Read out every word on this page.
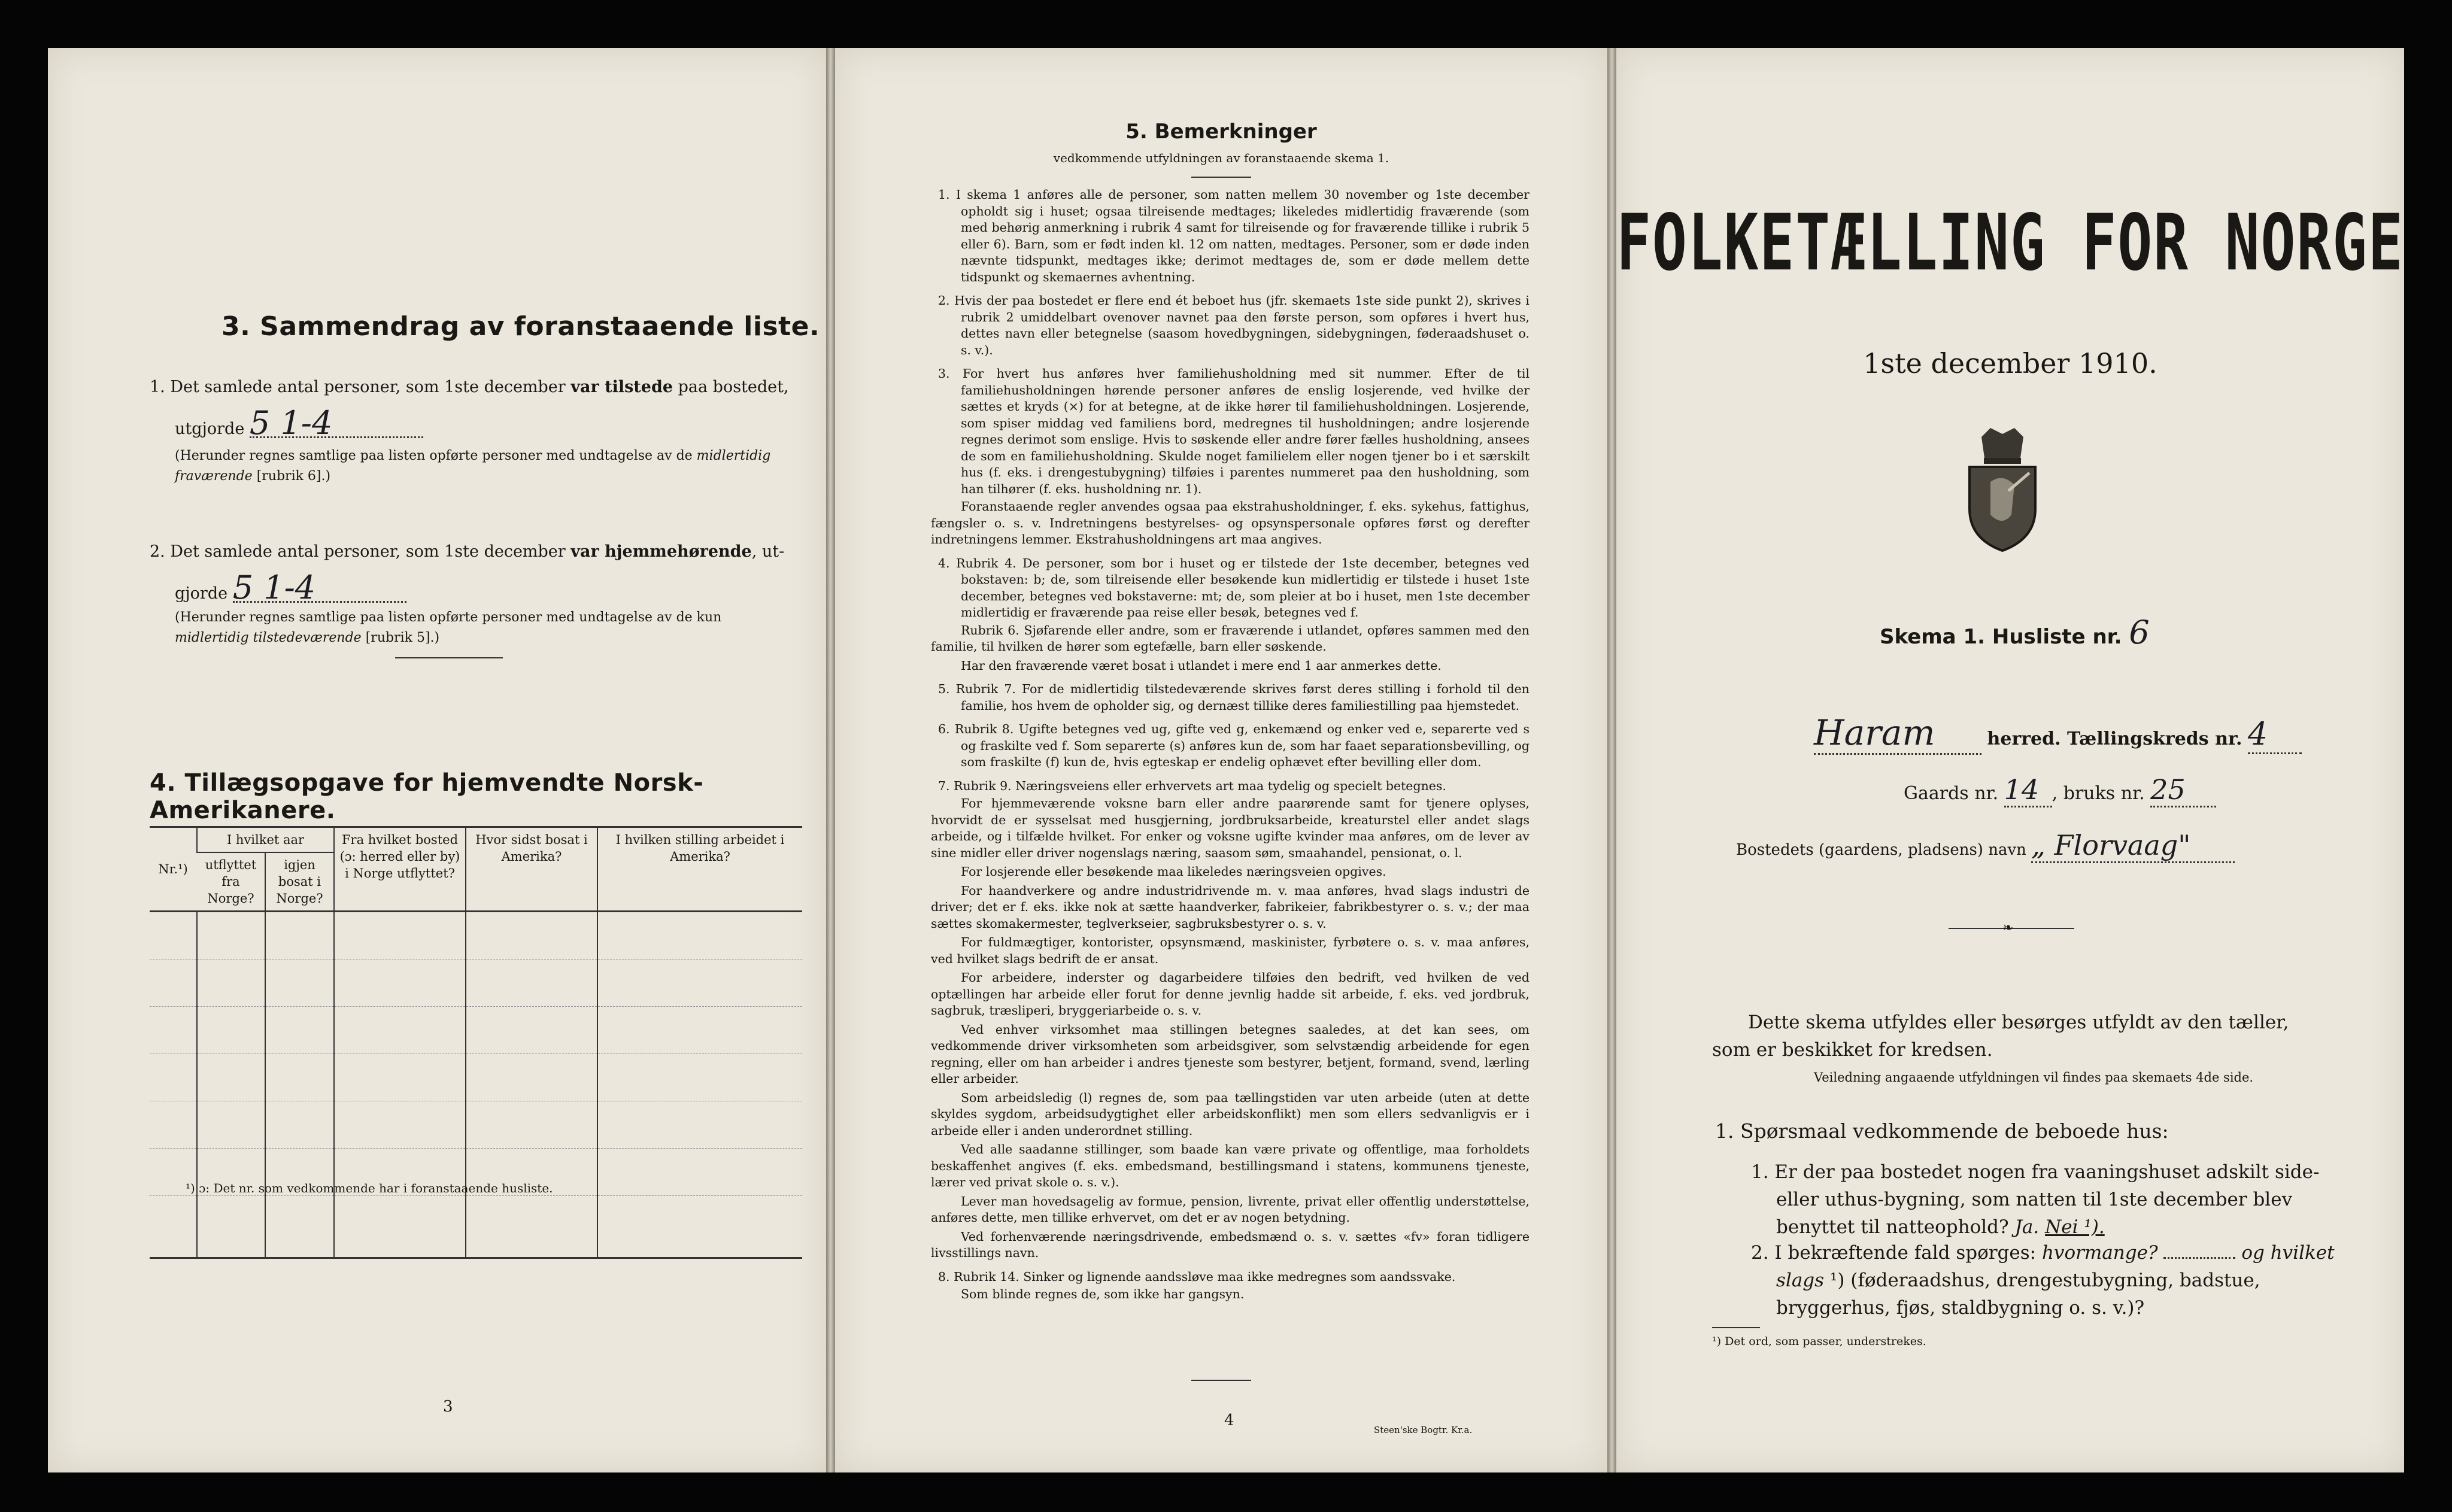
3. Sammendrag av foranstaaende liste.
1. Det samlede antal personer, som 1ste december var tilstede paa bostedet,
utgjorde 5 1-4
(Herunder regnes samtlige paa listen opførte personer med undtagelse av de midlertidig fraværende [rubrik 6].)
2. Det samlede antal personer, som 1ste december var hjemmehørende, ut-
gjorde 5 1-4
(Herunder regnes samtlige paa listen opførte personer med undtagelse av de kun midlertidig tilstedeværende [rubrik 5].)
4. Tillægsopgave for hjemvendte Norsk-Amerikanere.
Nr.¹)	I hvilket aar		Fra hvilket bosted (ɔ: herred eller by) i Norge utflyttet?	Hvor sidst bosat i Amerika?	I hvilken stilling arbeidet i Amerika?
	utflyttet fra Norge?	igjen bosat i Norge?			

¹) ɔ: Det nr. som vedkommende har i foranstaaende husliste.
3
5. Bemerkninger
vedkommende utfyldningen av foranstaaende skema 1.

1. I skema 1 anføres alle de personer, som natten mellem 30 november og 1ste december opholdt sig i huset; ogsaa tilreisende medtages; likeledes midlertidig fraværende (som med behørig anmerkning i rubrik 4 samt for tilreisende og for fraværende tillike i rubrik 5 eller 6). Barn, som er født inden kl. 12 om natten, medtages. Personer, som er døde inden nævnte tidspunkt, medtages ikke; derimot medtages de, som er døde mellem dette tidspunkt og skemaernes avhentning.

2. Hvis der paa bostedet er flere end ét beboet hus (jfr. skemaets 1ste side punkt 2), skrives i rubrik 2 umiddelbart ovenover navnet paa den første person, som opføres i hvert hus, dettes navn eller betegnelse (saasom hovedbygningen, sidebygningen, føderaadshuset o. s. v.).

3. For hvert hus anføres hver familiehusholdning med sit nummer. Efter de til familiehusholdningen hørende personer anføres de enslig losjerende, ved hvilke der sættes et kryds (×) for at betegne, at de ikke hører til familiehusholdningen. Losjerende, som spiser middag ved familiens bord, medregnes til husholdningen; andre losjerende regnes derimot som enslige. Hvis to søskende eller andre fører fælles husholdning, ansees de som en familiehusholdning. Skulde noget familielem eller nogen tjener bo i et særskilt hus (f. eks. i drengestubygning) tilføies i parentes nummeret paa den husholdning, som han tilhører (f. eks. husholdning nr. 1).

Foranstaaende regler anvendes ogsaa paa ekstrahusholdninger, f. eks. sykehus, fattighus, fængsler o. s. v. Indretningens bestyrelses- og opsynspersonale opføres først og derefter indretningens lemmer. Ekstrahusholdningens art maa angives.

4. Rubrik 4. De personer, som bor i huset og er tilstede der 1ste december, betegnes ved bokstaven: b; de, som tilreisende eller besøkende kun midlertidig er tilstede i huset 1ste december, betegnes ved bokstaverne: mt; de, som pleier at bo i huset, men 1ste december midlertidig er fraværende paa reise eller besøk, betegnes ved f.

Rubrik 6. Sjøfarende eller andre, som er fraværende i utlandet, opføres sammen med den familie, til hvilken de hører som egtefælle, barn eller søskende.

Har den fraværende været bosat i utlandet i mere end 1 aar anmerkes dette.

5. Rubrik 7. For de midlertidig tilstedeværende skrives først deres stilling i forhold til den familie, hos hvem de opholder sig, og dernæst tillike deres familiestilling paa hjemstedet.

6. Rubrik 8. Ugifte betegnes ved ug, gifte ved g, enkemænd og enker ved e, separerte ved s og fraskilte ved f. Som separerte (s) anføres kun de, som har faaet separationsbevilling, og som fraskilte (f) kun de, hvis egteskap er endelig ophævet efter bevilling eller dom.

7. Rubrik 9. Næringsveiens eller erhvervets art maa tydelig og specielt betegnes.

For hjemmeværende voksne barn eller andre paarørende samt for tjenere oplyses, hvorvidt de er sysselsat med husgjerning, jordbruksarbeide, kreaturstel eller andet slags arbeide, og i tilfælde hvilket. For enker og voksne ugifte kvinder maa anføres, om de lever av sine midler eller driver nogenslags næring, saasom søm, smaahandel, pensionat, o. l.

For losjerende eller besøkende maa likeledes næringsveien opgives.

For haandverkere og andre industridrivende m. v. maa anføres, hvad slags industri de driver; det er f. eks. ikke nok at sætte haandverker, fabrikeier, fabrikbestyrer o. s. v.; der maa sættes skomakermester, teglverkseier, sagbruksbestyrer o. s. v.

For fuldmægtiger, kontorister, opsynsmænd, maskinister, fyrbøtere o. s. v. maa anføres, ved hvilket slags bedrift de er ansat.

For arbeidere, inderster og dagarbeidere tilføies den bedrift, ved hvilken de ved optællingen har arbeide eller forut for denne jevnlig hadde sit arbeide, f. eks. ved jordbruk, sagbruk, træsliperi, bryggeriarbeide o. s. v.

Ved enhver virksomhet maa stillingen betegnes saaledes, at det kan sees, om vedkommende driver virksomheten som arbeidsgiver, som selvstændig arbeidende for egen regning, eller om han arbeider i andres tjeneste som bestyrer, betjent, formand, svend, lærling eller arbeider.

Som arbeidsledig (l) regnes de, som paa tællingstiden var uten arbeide (uten at dette skyldes sygdom, arbeidsudygtighet eller arbeidskonflikt) men som ellers sedvanligvis er i arbeide eller i anden underordnet stilling.

Ved alle saadanne stillinger, som baade kan være private og offentlige, maa forholdets beskaffenhet angives (f. eks. embedsmand, bestillingsmand i statens, kommunens tjeneste, lærer ved privat skole o. s. v.).

Lever man hovedsagelig av formue, pension, livrente, privat eller offentlig understøttelse, anføres dette, men tillike erhvervet, om det er av nogen betydning.

Ved forhenværende næringsdrivende, embedsmænd o. s. v. sættes «fv» foran tidligere livsstillings navn.

8. Rubrik 14. Sinker og lignende aandssløve maa ikke medregnes som aandssvake.

Som blinde regnes de, som ikke har gangsyn.

4
Steen'ske Bogtr. Kr.a.
FOLKETÆLLING FOR NORGE
1ste december 1910.
Skema 1. Husliste nr. 6
Haram	herred. Tællingskreds nr. 4
Gaards nr. 14 , bruks nr. 25
Bostedets (gaardens, pladsens) navn „ Florvaag"
❧
Dette skema utfyldes eller besørges utfyldt av den tæller, som er beskikket for kredsen.
Veiledning angaaende utfyldningen vil findes paa skemaets 4de side.
1. Spørsmaal vedkommende de beboede hus:
1. Er der paa bostedet nogen fra vaaningshuset adskilt side- eller uthus-bygning, som natten til 1ste december blev benyttet til natteophold? Ja. Nei ¹).
2. I bekræftende fald spørges: hvormange?	og hvilket slags ¹) (føderaadshus, drengestubygning, badstue, bryggerhus, fjøs, staldbygning o. s. v.)?
¹) Det ord, som passer, understrekes.
